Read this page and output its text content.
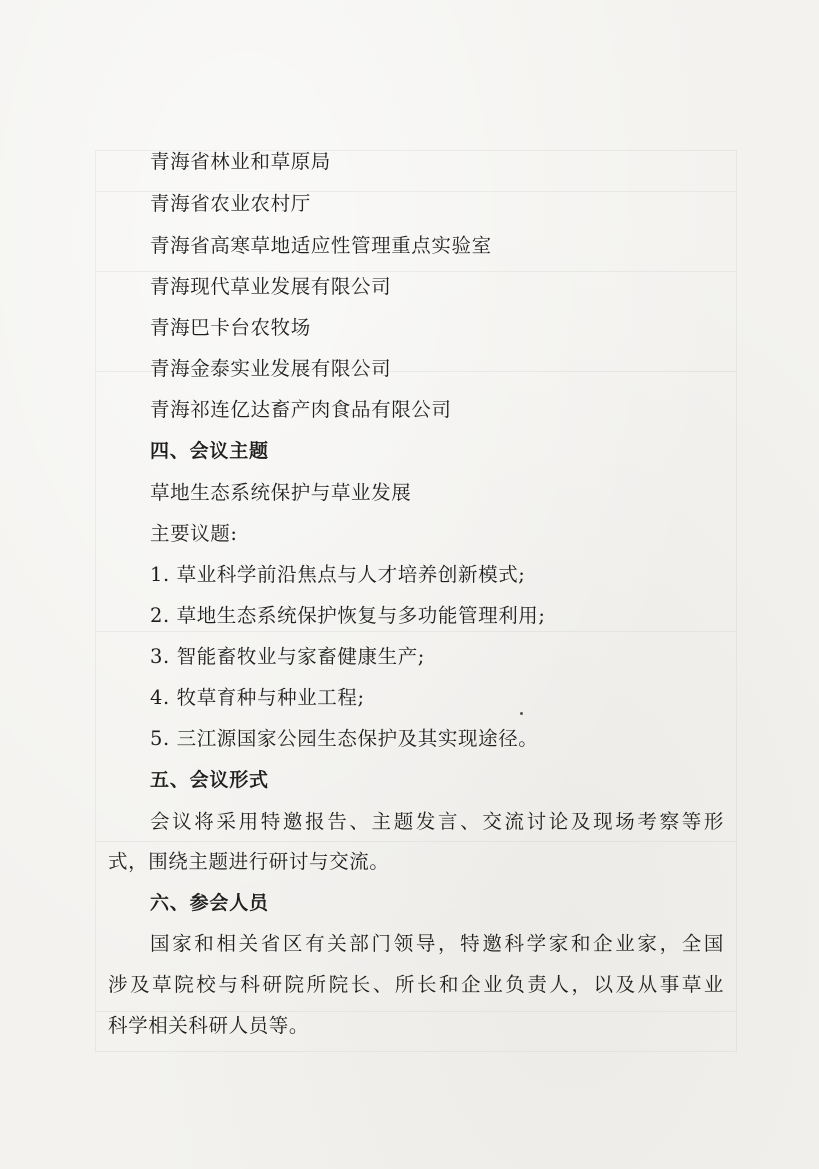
青海省林业和草原局
青海省农业农村厅
青海省高寒草地适应性管理重点实验室
青海现代草业发展有限公司
青海巴卡台农牧场
青海金泰实业发展有限公司
青海祁连亿达畜产肉食品有限公司
四、会议主题
草地生态系统保护与草业发展
主要议题:
1. 草业科学前沿焦点与人才培养创新模式;
2. 草地生态系统保护恢复与多功能管理利用;
3. 智能畜牧业与家畜健康生产;
4. 牧草育种与种业工程;
5. 三江源国家公园生态保护及其实现途径。
五、会议形式
会议将采用特邀报告、主题发言、交流讨论及现场考察等形
式，围绕主题进行研讨与交流。
六、参会人员
国家和相关省区有关部门领导，特邀科学家和企业家，全国
涉及草院校与科研院所院长、所长和企业负责人，以及从事草业
科学相关科研人员等。
